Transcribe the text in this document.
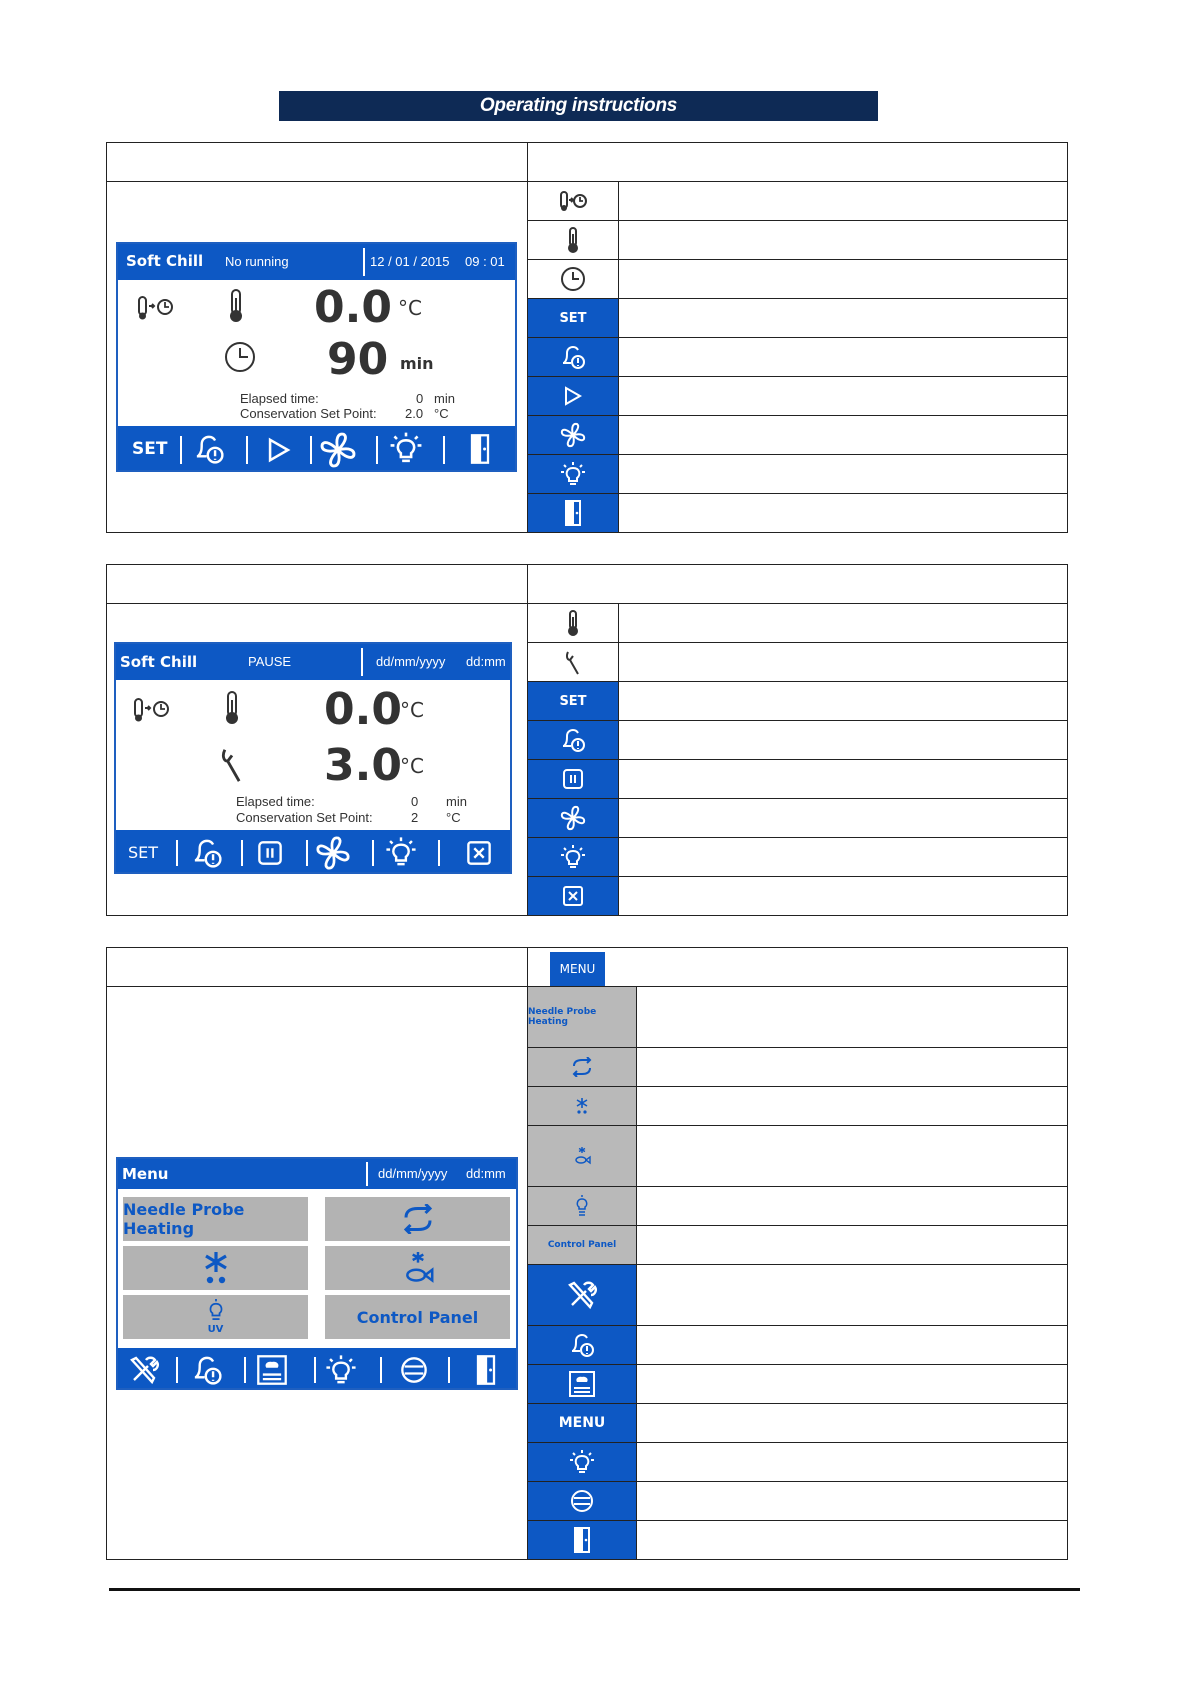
Operating instructions
SET
Soft Chill No running	12 / 01 / 2015 09 : 01
0.0 °C
90 min
Elapsed time:	0 min
Conservation Set Point: 2.0 °C
SET
SET
Soft Chill	PAUSE	dd/mm/yyyy dd:mm
0.0
°C
3.0
°C
Elapsed time:	0 min
Conservation Set Point:	2 °C
SET
MENU
Needle Probe Heating
Control Panel
MENU
Menu	dd/mm/yyyy dd:mm
Needle Probe Heating
UV
Control Panel
